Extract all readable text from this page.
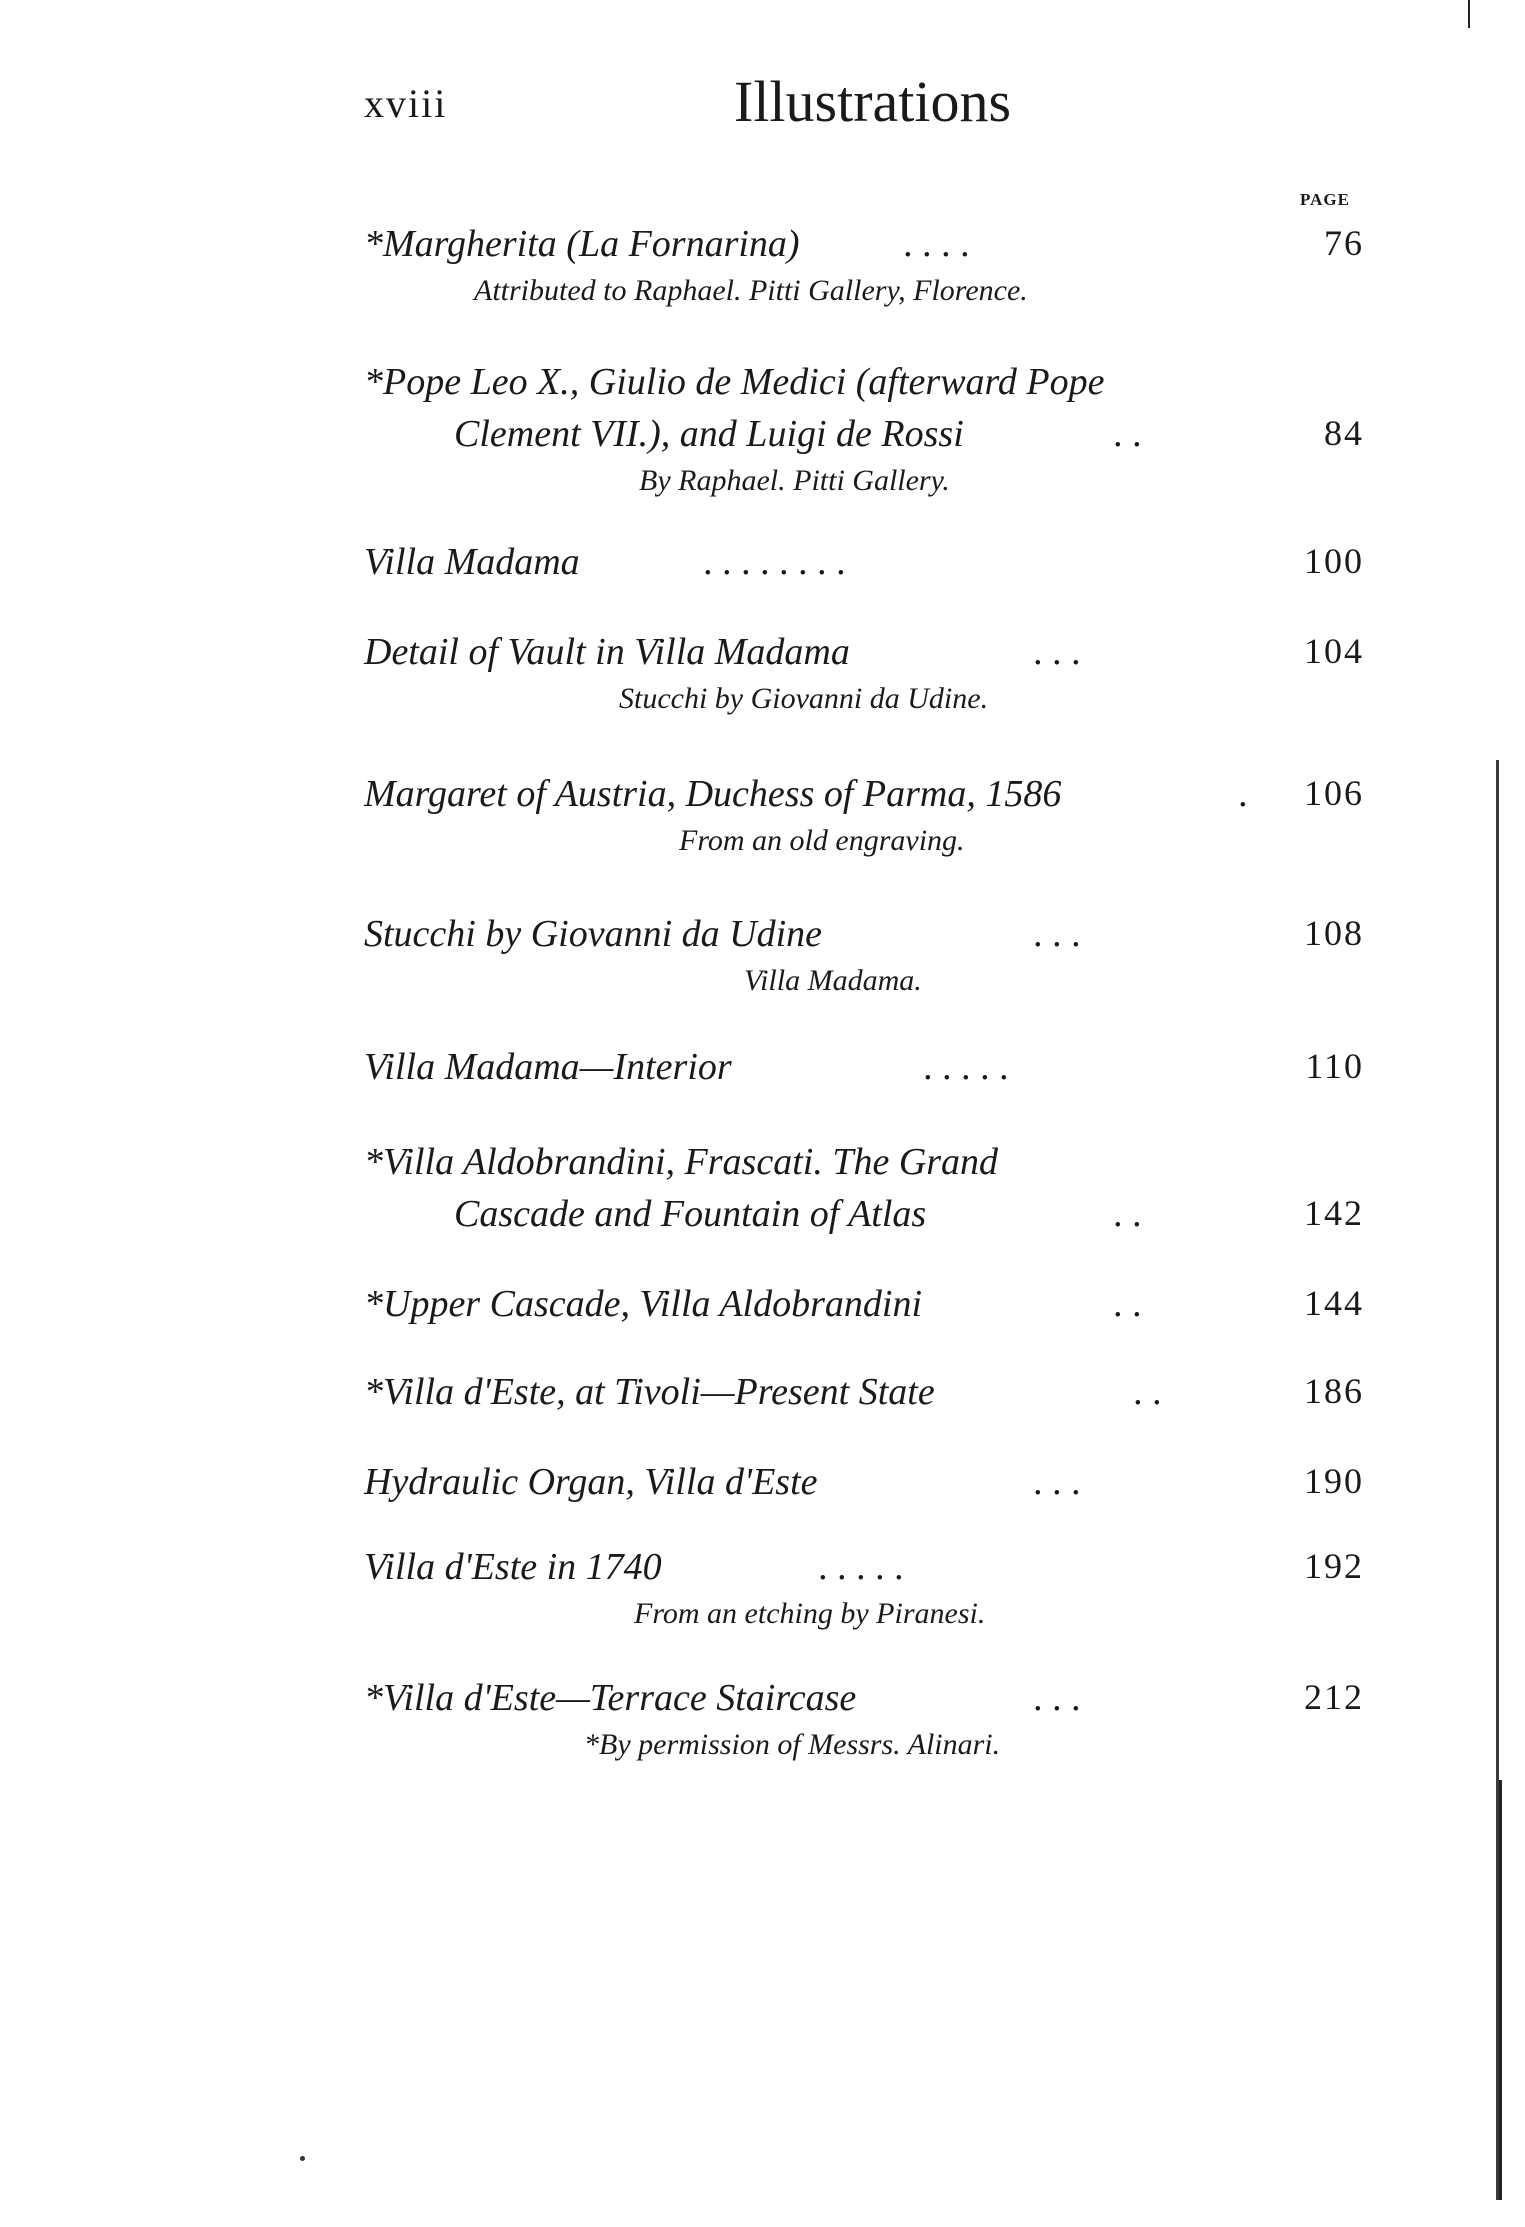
xviii	Illustrations
PAGE
*Margherita (La Fornarina)	. . . .	76
Attributed to Raphael. Pitti Gallery, Florence.
*Pope Leo X., Giulio de Medici (afterward Pope
Clement VII.), and Luigi de Rossi	. .	84
By Raphael. Pitti Gallery.
Villa Madama	. . . . . . . .	100
Detail of Vault in Villa Madama	. . .	104
Stucchi by Giovanni da Udine.
Margaret of Austria, Duchess of Parma, 1586	. 106
From an old engraving.
Stucchi by Giovanni da Udine	. . .	108
Villa Madama.
Villa Madama—Interior	. . . . .	110
*Villa Aldobrandini, Frascati. The Grand
Cascade and Fountain of Atlas	. .	142
*Upper Cascade, Villa Aldobrandini	. .	144
*Villa d'Este, at Tivoli—Present State	. .	186
Hydraulic Organ, Villa d'Este	. . .	190
Villa d'Este in 1740	. . . . .	192
From an etching by Piranesi.
*Villa d'Este—Terrace Staircase	. . .	212
*By permission of Messrs. Alinari.
